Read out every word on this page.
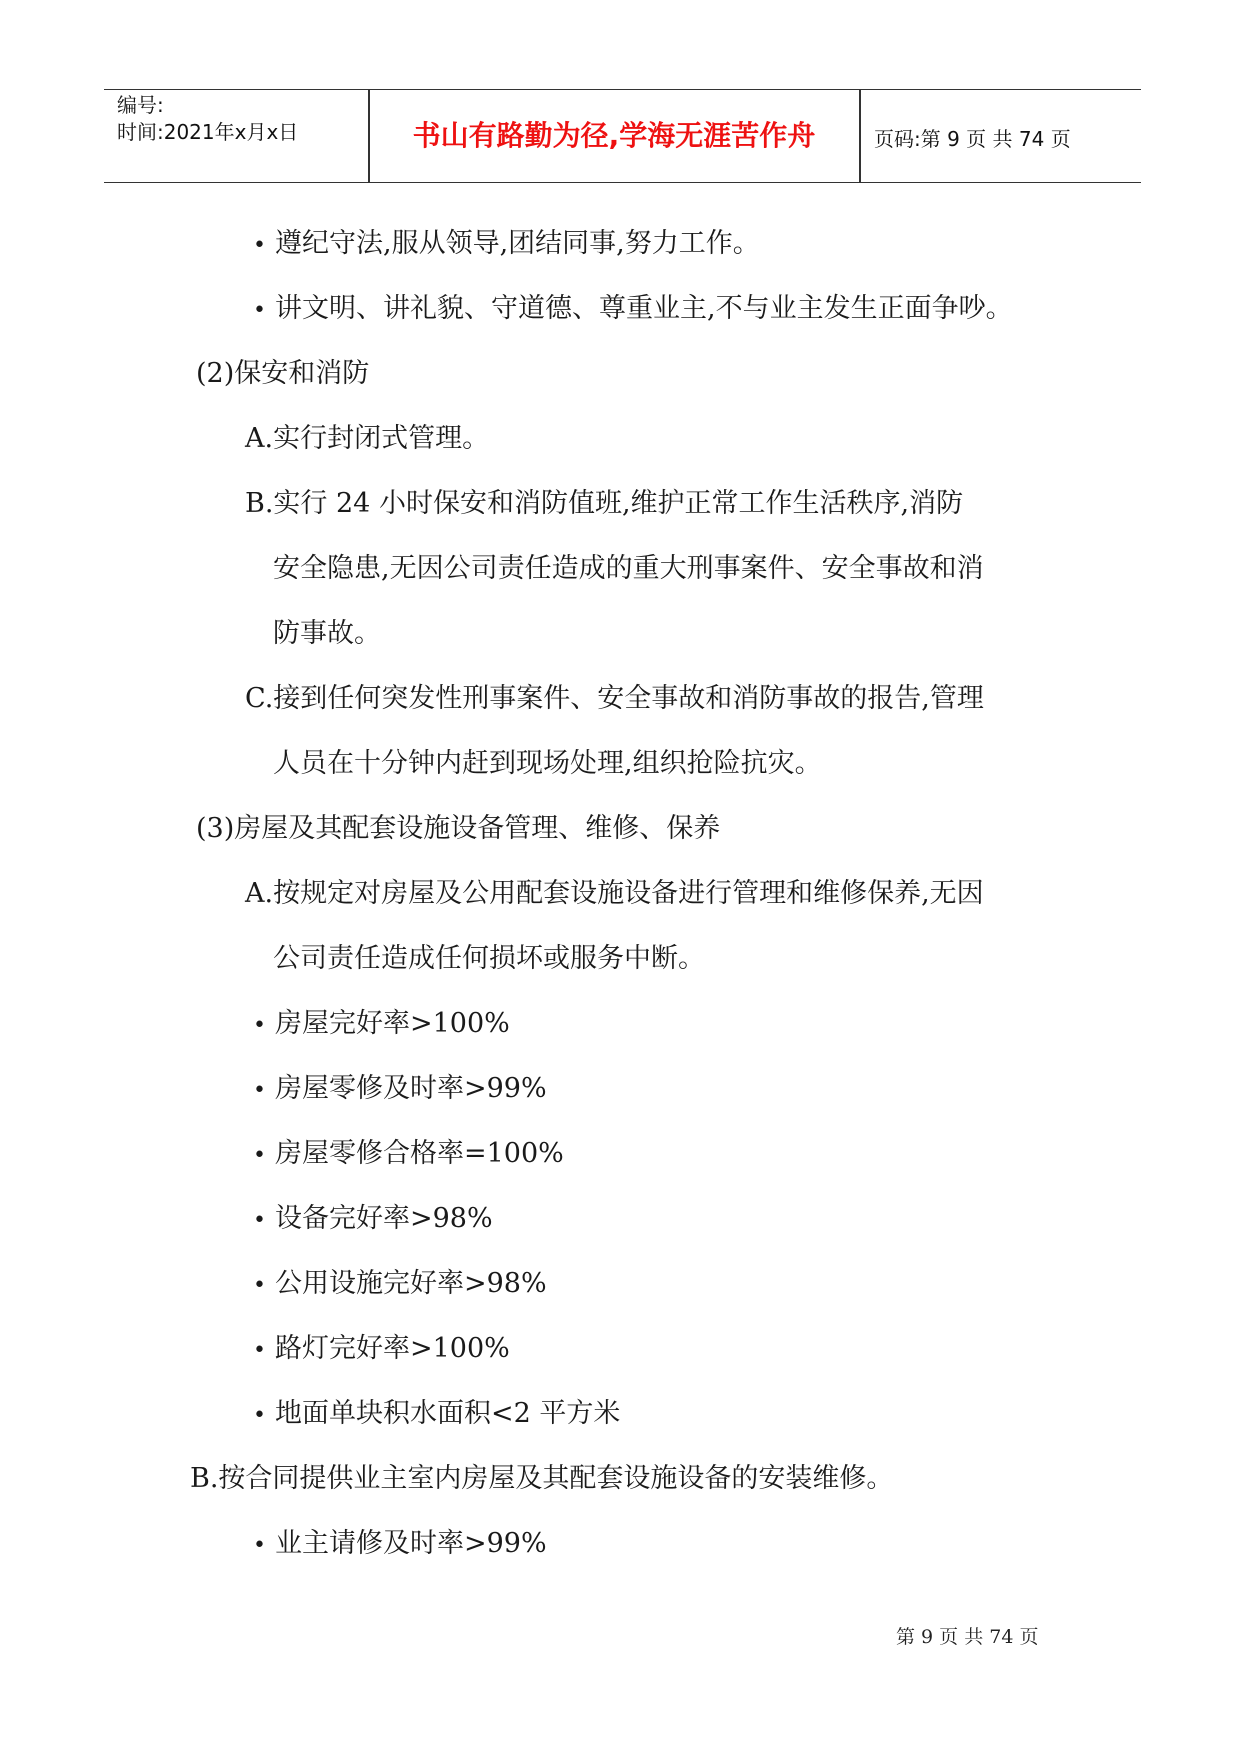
编号:
时间:2021年x月x日	书山有路勤为径,学海无涯苦作舟	页码:第 9 页 共 74 页
• 遵纪守法,服从领导,团结同事,努力工作。
• 讲文明、讲礼貌、守道德、尊重业主,不与业主发生正面争吵。
(2)保安和消防
A.实行封闭式管理。
B.实行 24 小时保安和消防值班,维护正常工作生活秩序,消防
安全隐患,无因公司责任造成的重大刑事案件、安全事故和消
防事故。
C.接到任何突发性刑事案件、安全事故和消防事故的报告,管理
人员在十分钟内赶到现场处理,组织抢险抗灾。
(3)房屋及其配套设施设备管理、维修、保养
A.按规定对房屋及公用配套设施设备进行管理和维修保养,无因
公司责任造成任何损坏或服务中断。
• 房屋完好率>100%
• 房屋零修及时率>99%
• 房屋零修合格率=100%
• 设备完好率>98%
• 公用设施完好率>98%
• 路灯完好率>100%
• 地面单块积水面积<2 平方米
B.按合同提供业主室内房屋及其配套设施设备的安装维修。
• 业主请修及时率>99%
第 9 页 共 74 页
